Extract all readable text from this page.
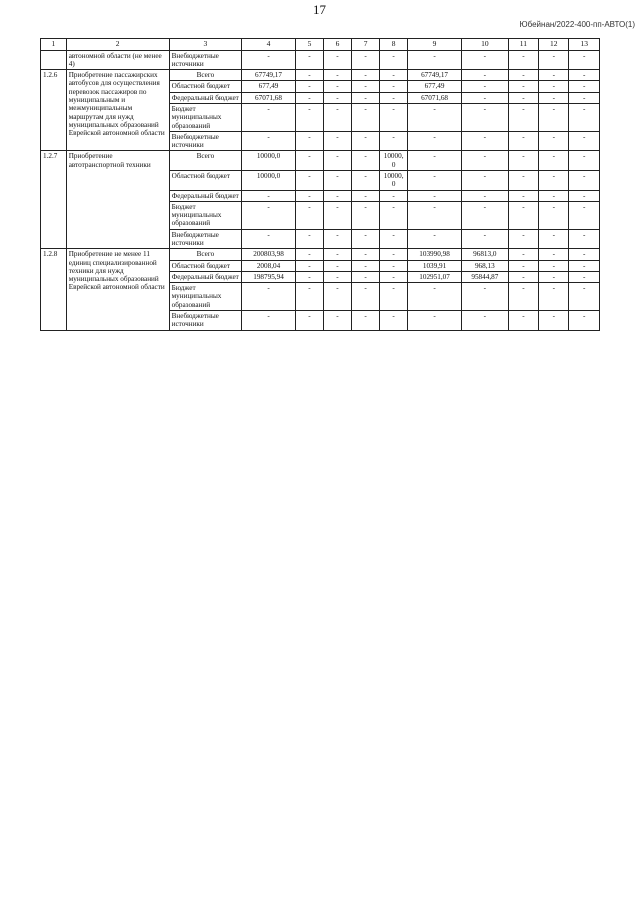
17
Юбейнан/2022-400-пп-АВТО(1)
1	2	3	4	5	6	7	8	9	10	11	12	13
	автономной области (не менее 4)	Внебюджетные источники	-	-	-	-	-	-	-	-	-	-
1.2.6	Приобретение пассажирских автобусов для осуществления перевозок пассажиров по муниципальным и межмуниципальным маршрутам для нужд муниципальных образований Еврейской автономной области	Всего	67749,17	-	-	-	-	67749,17	-	-	-	-
		Областной бюджет	677,49	-	-	-	-	677,49	-	-	-	-
		Федеральный бюджет	67071,68	-	-	-	-	67071,68	-	-	-	-
		Бюджет муниципальных образований	-	-	-	-	-	-	-	-	-	-
		Внебюджетные источники	-	-	-	-	-	-	-	-	-	-
1.2.7	Приобретение автотранспортной техники	Всего	10000,0	-	-	-	10000,0	-	-	-	-	-
		Областной бюджет	10000,0	-	-	-	10000,0	-	-	-	-	-
		Федеральный бюджет	-	-	-	-	-	-	-	-	-	-
		Бюджет муниципальных образований	-	-	-	-	-	-	-	-	-	-
		Внебюджетные источники	-	-	-	-	-	-	-	-	-	-
1.2.8	Приобретение не менее 11 единиц специализированной техники для нужд муниципальных образований Еврейской автономной области	Всего	200803,98	-	-	-	-	103990,98	96813,0	-	-	-
		Областной бюджет	2008,04	-	-	-	-	1039,91	968,13	-	-	-
		Федеральный бюджет	198795,94	-	-	-	-	102951,07	95844,87	-	-	-
		Бюджет муниципальных образований	-	-	-	-	-	-	-	-	-	-
		Внебюджетные источники	-	-	-	-	-	-	-	-	-	-
